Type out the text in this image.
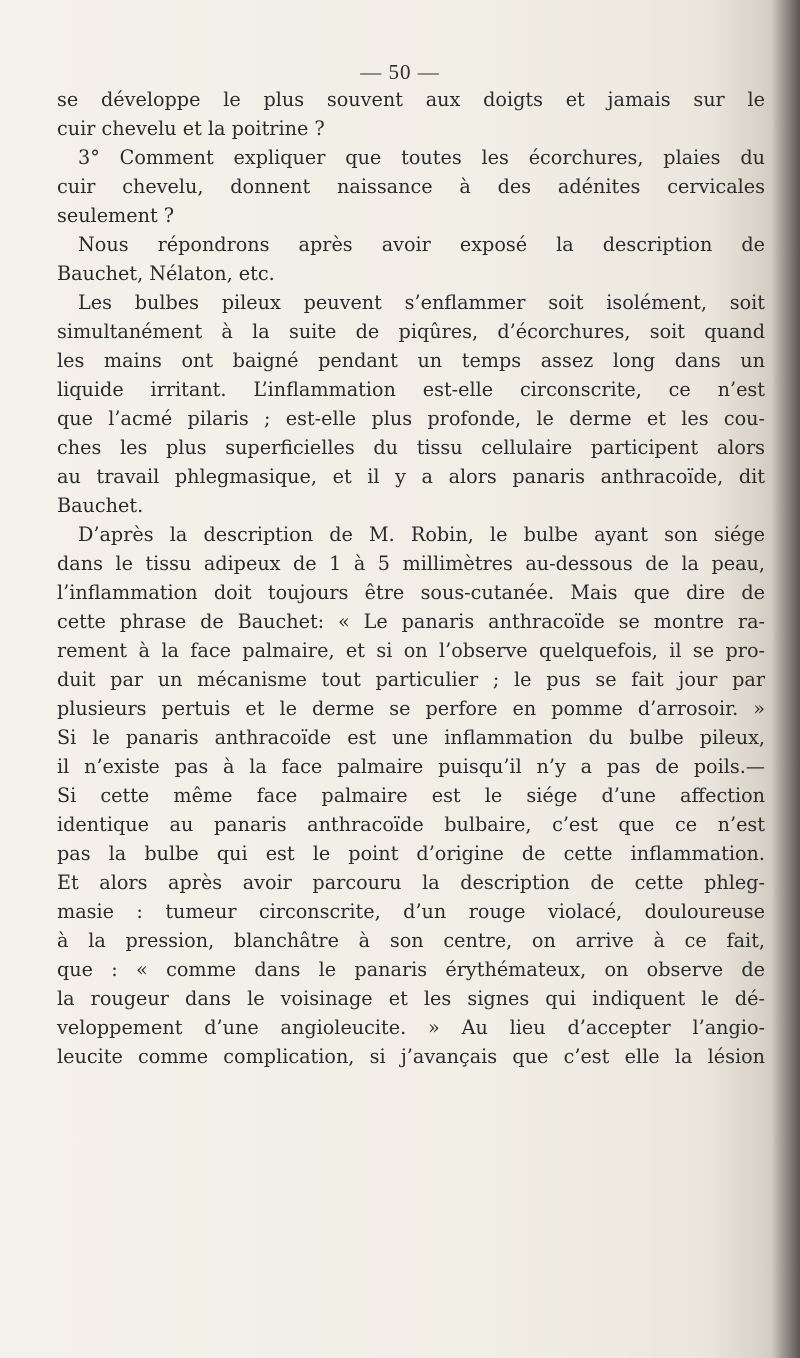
— 50 —
se développe le plus souvent aux doigts et jamais sur le
cuir chevelu et la poitrine ?
3° Comment expliquer que toutes les écorchures, plaies du
cuir chevelu, donnent naissance à des adénites cervicales
seulement ?
Nous répondrons après avoir exposé la description de
Bauchet, Nélaton, etc.
Les bulbes pileux peuvent s’enflammer soit isolément, soit
simultanément à la suite de piqûres, d’écorchures, soit quand
les mains ont baigné pendant un temps assez long dans un
liquide irritant. L’inflammation est-elle circonscrite, ce n’est
que l’acmé pilaris ; est-elle plus profonde, le derme et les cou-
ches les plus superficielles du tissu cellulaire participent alors
au travail phlegmasique, et il y a alors panaris anthracoïde, dit
Bauchet.
D’après la description de M. Robin, le bulbe ayant son siége
dans le tissu adipeux de 1 à 5 millimètres au-dessous de la peau,
l’inflammation doit toujours être sous-cutanée. Mais que dire de
cette phrase de Bauchet: « Le panaris anthracoïde se montre ra-
rement à la face palmaire, et si on l’observe quelquefois, il se pro-
duit par un mécanisme tout particulier ; le pus se fait jour par
plusieurs pertuis et le derme se perfore en pomme d’arrosoir. »
Si le panaris anthracoïde est une inflammation du bulbe pileux,
il n’existe pas à la face palmaire puisqu’il n’y a pas de poils.—
Si cette même face palmaire est le siége d’une affection
identique au panaris anthracoïde bulbaire, c’est que ce n’est
pas la bulbe qui est le point d’origine de cette inflammation.
Et alors après avoir parcouru la description de cette phleg-
masie : tumeur circonscrite, d’un rouge violacé, douloureuse
à la pression, blanchâtre à son centre, on arrive à ce fait,
que : « comme dans le panaris érythémateux, on observe de
la rougeur dans le voisinage et les signes qui indiquent le dé-
veloppement d’une angioleucite. » Au lieu d’accepter l’angio-
leucite comme complication, si j’avançais que c’est elle la lésion
